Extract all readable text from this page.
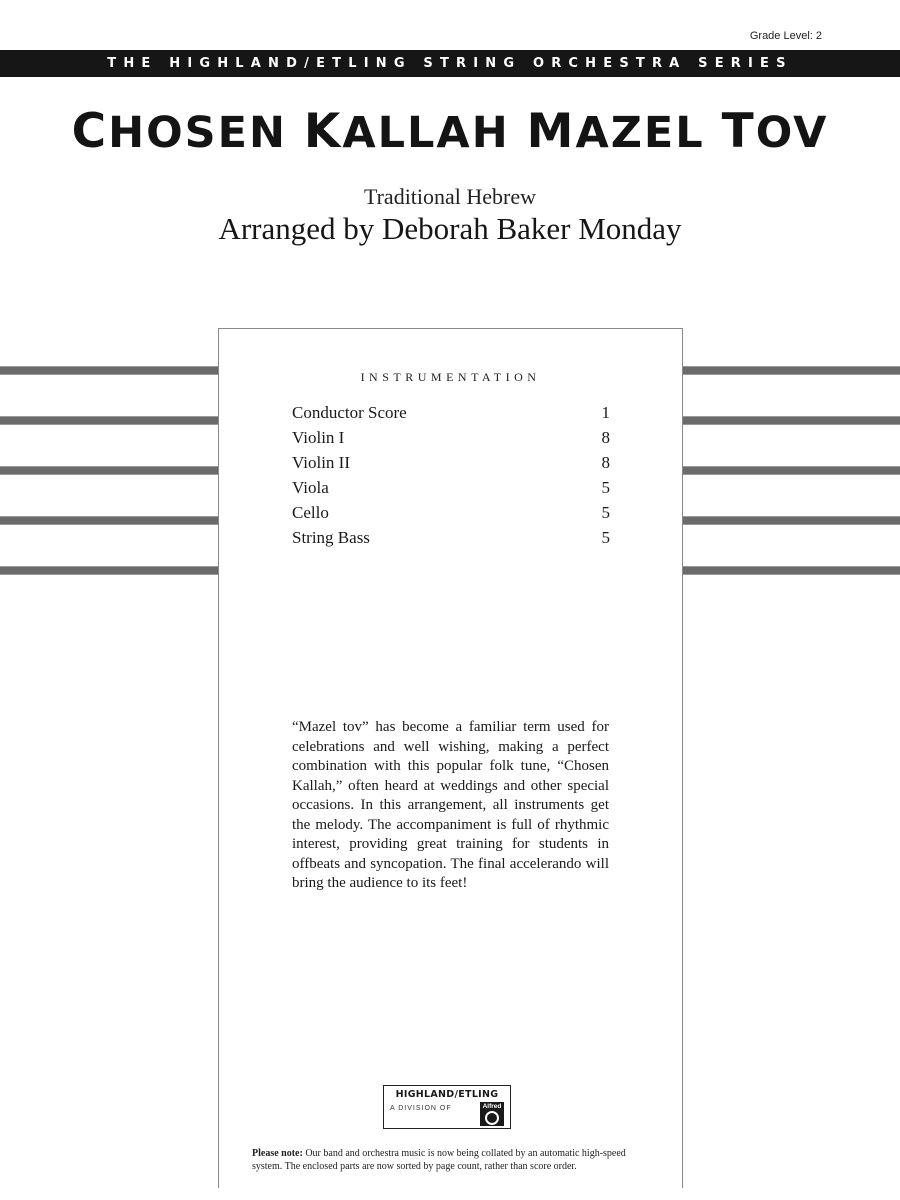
Grade Level: 2
THE HIGHLAND/ETLING STRING ORCHESTRA SERIES
CHOSEN KALLAH MAZEL TOV
Traditional Hebrew
Arranged by Deborah Baker Monday
INSTRUMENTATION
Conductor Score	1
Violin I	8
Violin II	8
Viola	5
Cello	5
String Bass	5
“Mazel tov” has become a familiar term used for celebrations and well wishing, making a perfect combination with this popular folk tune, “Chosen Kallah,” often heard at weddings and other special occasions. In this arrangement, all instruments get the melody. The accompaniment is full of rhythmic interest, providing great training for students in offbeats and syncopation. The final accelerando will bring the audience to its feet!
HIGHLAND/ETLING
A DIVISION OF	Alfred
Please note: Our band and orchestra music is now being collated by an automatic high-speed system. The enclosed parts are now sorted by page count, rather than score order.
